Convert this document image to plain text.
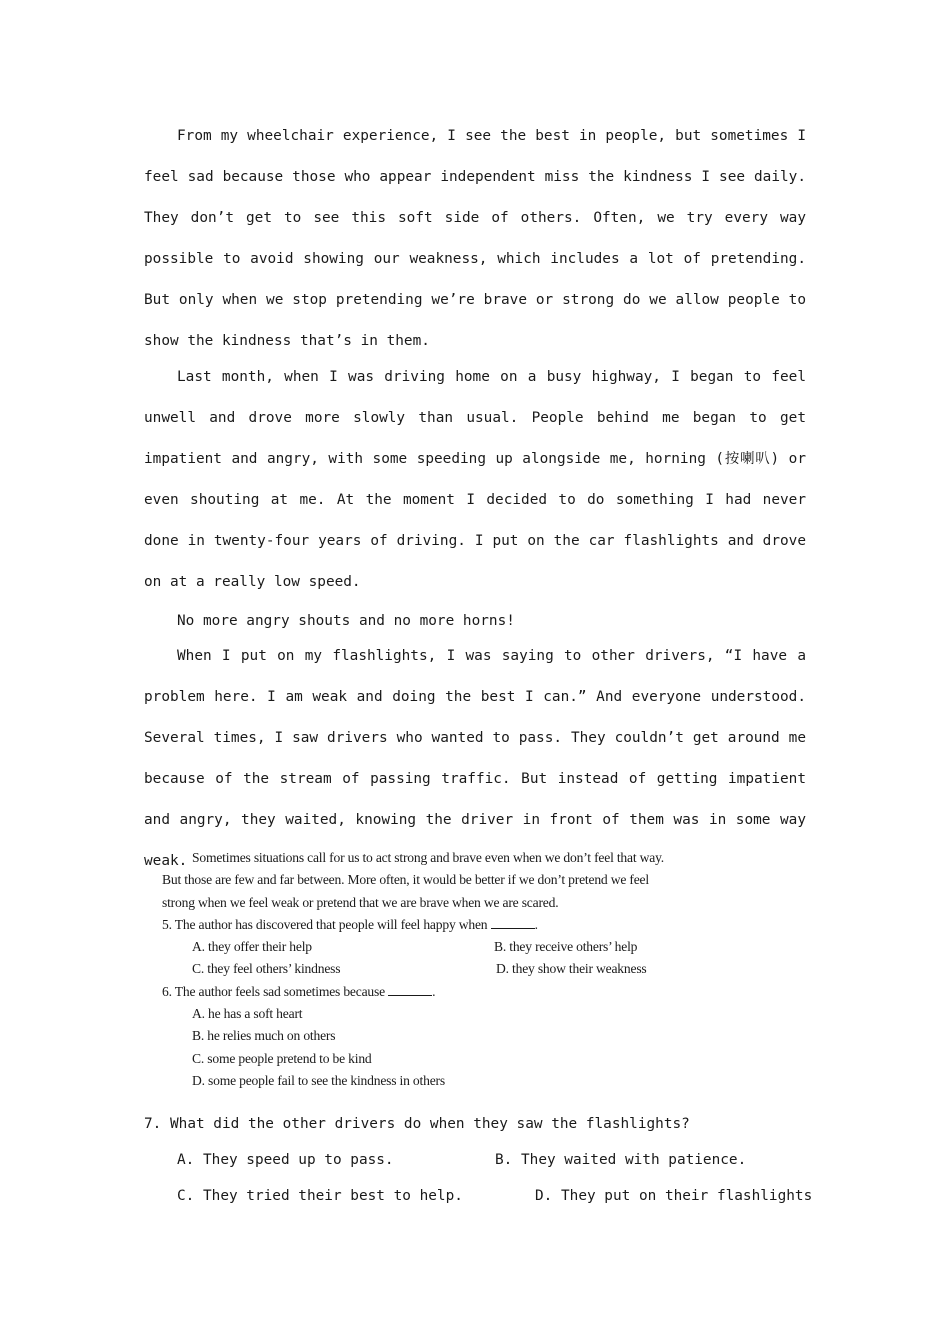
From my wheelchair experience, I see the best in people, but sometimes I feel sad because those who appear independent miss the kindness I see daily. They don’t get to see this soft side of others. Often, we try every way possible to avoid showing our weakness, which includes a lot of pretending. But only when we stop pretending we’re brave or strong do we allow people to show the kindness that’s in them.

Last month, when I was driving home on a busy highway, I began to feel unwell and drove more slowly than usual. People behind me began to get impatient and angry, with some speeding up alongside me, horning (按喇叭) or even shouting at me. At the moment I decided to do something I had never done in twenty-four years of driving. I put on the car flashlights and drove on at a really low speed.

No more angry shouts and no more horns!

When I put on my flashlights, I was saying to other drivers, “I have a problem here. I am weak and doing the best I can.” And everyone understood. Several times, I saw drivers who wanted to pass. They couldn’t get around me because of the stream of passing traffic. But instead of getting impatient and angry, they waited, knowing the driver in front of them was in some way weak. Sometimes situations call for us to act strong and brave even when we don’t feel that way.
But those are few and far between. More often, it would be better if we don’t pretend we feel
strong when we feel weak or pretend that we are brave when we are scared.
5. The author has discovered that people will feel happy when	.
A. they offer their help	B. they receive others’ help
C. they feel others’ kindness	D. they show their weakness
6. The author feels sad sometimes because	.
A. he has a soft heart
B. he relies much on others
C. some people pretend to be kind
D. some people fail to see the kindness in others
7. What did the other drivers do when they saw the flashlights?
A. They speed up to pass.	B. They waited with patience.
C. They tried their best to help.	D. They put on their flashlights
